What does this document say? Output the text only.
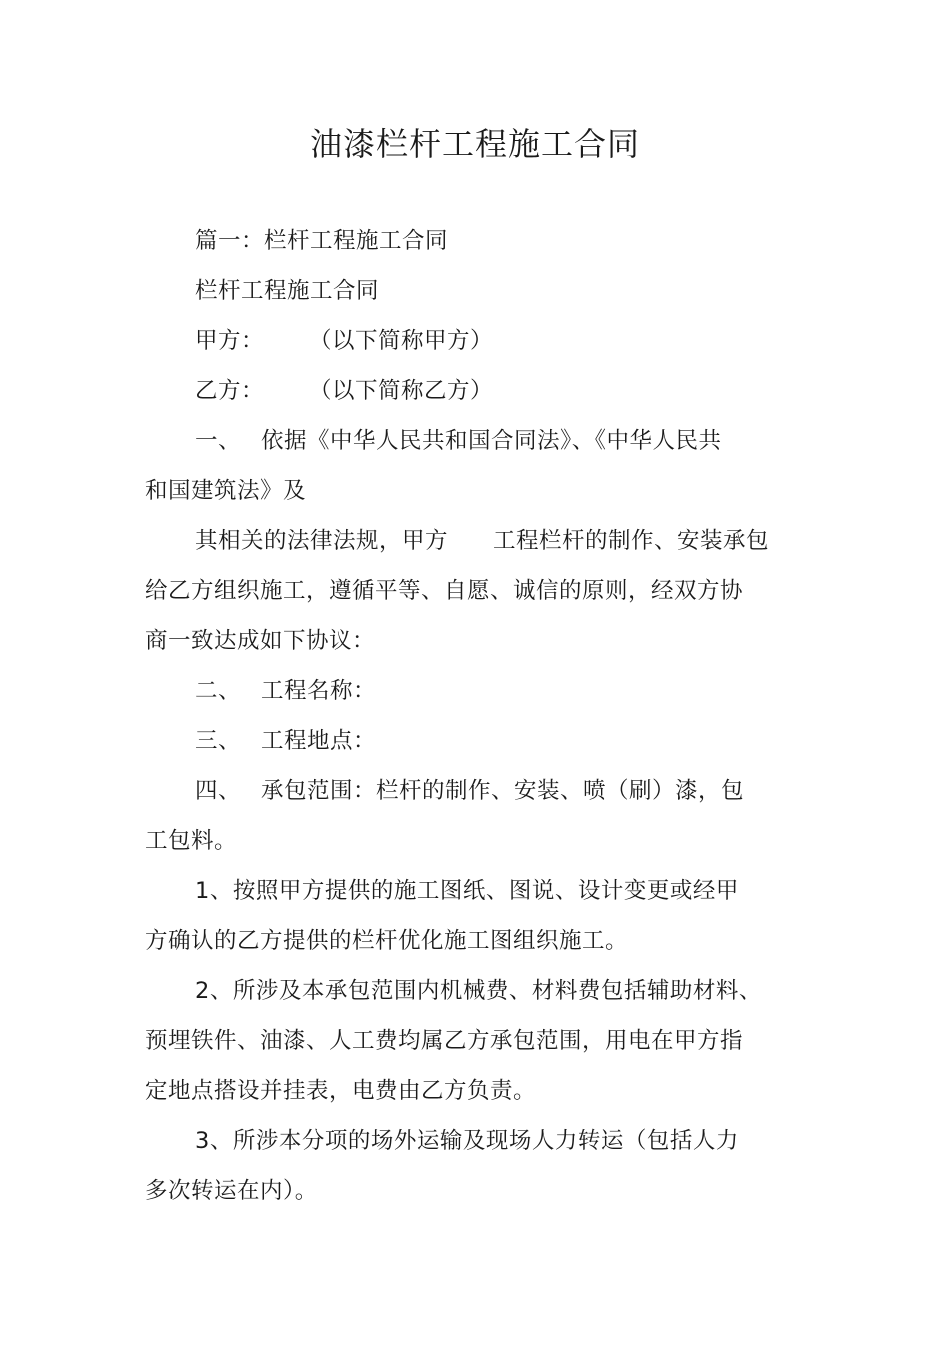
油漆栏杆工程施工合同
篇一：栏杆工程施工合同
栏杆工程施工合同
甲方： （以下简称甲方）
乙方： （以下简称乙方）
一、 依据《中华人民共和国合同法》、《中华人民共
和国建筑法》及
其相关的法律法规，甲方 工程栏杆的制作、安装承包
给乙方组织施工，遵循平等、自愿、诚信的原则，经双方协
商一致达成如下协议：
二、 工程名称：
三、 工程地点：
四、 承包范围：栏杆的制作、安装、喷（刷）漆，包
工包料。
1、按照甲方提供的施工图纸、图说、设计变更或经甲
方确认的乙方提供的栏杆优化施工图组织施工。
2、所涉及本承包范围内机械费、材料费包括辅助材料、
预埋铁件、油漆、人工费均属乙方承包范围，用电在甲方指
定地点搭设并挂表，电费由乙方负责。
3、所涉本分项的场外运输及现场人力转运（包括人力
多次转运在内）。
